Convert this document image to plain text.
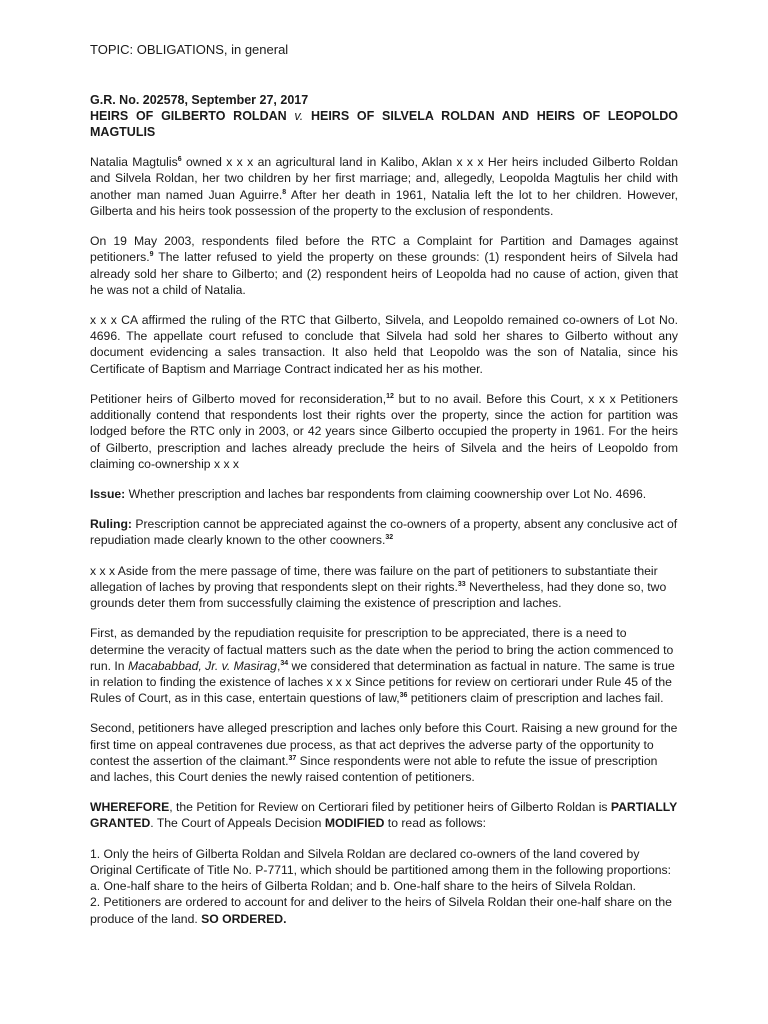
TOPIC: OBLIGATIONS, in general
G.R. No. 202578, September 27, 2017
HEIRS OF GILBERTO ROLDAN v. HEIRS OF SILVELA ROLDAN AND HEIRS OF LEOPOLDO MAGTULIS

Natalia Magtulis$^6$ owned x x x an agricultural land in Kalibo, Aklan x x x Her heirs included Gilberto Roldan and Silvela Roldan, her two children by her first marriage; and, allegedly, Leopolda Magtulis her child with another man named Juan Aguirre.$^8$ After her death in 1961, Natalia left the lot to her children. However, Gilberta and his heirs took possession of the property to the exclusion of respondents.

On 19 May 2003, respondents filed before the RTC a Complaint for Partition and Damages against petitioners.$^9$ The latter refused to yield the property on these grounds: (1) respondent heirs of Silvela had already sold her share to Gilberto; and (2) respondent heirs of Leopolda had no cause of action, given that he was not a child of Natalia.

x x x CA affirmed the ruling of the RTC that Gilberto, Silvela, and Leopoldo remained co-owners of Lot No. 4696. The appellate court refused to conclude that Silvela had sold her shares to Gilberto without any document evidencing a sales transaction. It also held that Leopoldo was the son of Natalia, since his Certificate of Baptism and Marriage Contract indicated her as his mother.

Petitioner heirs of Gilberto moved for reconsideration,$^{12}$ but to no avail. Before this Court, x x x Petitioners additionally contend that respondents lost their rights over the property, since the action for partition was lodged before the RTC only in 2003, or 42 years since Gilberto occupied the property in 1961. For the heirs of Gilberto, prescription and laches already preclude the heirs of Silvela and the heirs of Leopoldo from claiming co-ownership x x x

Issue: Whether prescription and laches bar respondents from claiming coownership over Lot No. 4696.

Ruling: Prescription cannot be appreciated against the co-owners of a property, absent any conclusive act of repudiation made clearly known to the other coowners.$^{32}$

x x x Aside from the mere passage of time, there was failure on the part of petitioners to substantiate their allegation of laches by proving that respondents slept on their rights.$^{33}$ Nevertheless, had they done so, two grounds deter them from successfully claiming the existence of prescription and laches.

First, as demanded by the repudiation requisite for prescription to be appreciated, there is a need to determine the veracity of factual matters such as the date when the period to bring the action commenced to run. In Macababbad, Jr. v. Masirag,$^{34}$ we considered that determination as factual in nature. The same is true in relation to finding the existence of laches x x x Since petitions for review on certiorari under Rule 45 of the Rules of Court, as in this case, entertain questions of law,$^{36}$ petitioners claim of prescription and laches fail.

Second, petitioners have alleged prescription and laches only before this Court. Raising a new ground for the first time on appeal contravenes due process, as that act deprives the adverse party of the opportunity to contest the assertion of the claimant.$^{37}$ Since respondents were not able to refute the issue of prescription and laches, this Court denies the newly raised contention of petitioners.

WHEREFORE, the Petition for Review on Certiorari filed by petitioner heirs of Gilberto Roldan is PARTIALLY GRANTED. The Court of Appeals Decision MODIFIED to read as follows:

1. Only the heirs of Gilberta Roldan and Silvela Roldan are declared co-owners of the land covered by Original Certificate of Title No. P-7711, which should be partitioned among them in the following proportions: a. One-half share to the heirs of Gilberta Roldan; and b. One-half share to the heirs of Silvela Roldan.

2. Petitioners are ordered to account for and deliver to the heirs of Silvela Roldan their one-half share on the produce of the land. SO ORDERED.
